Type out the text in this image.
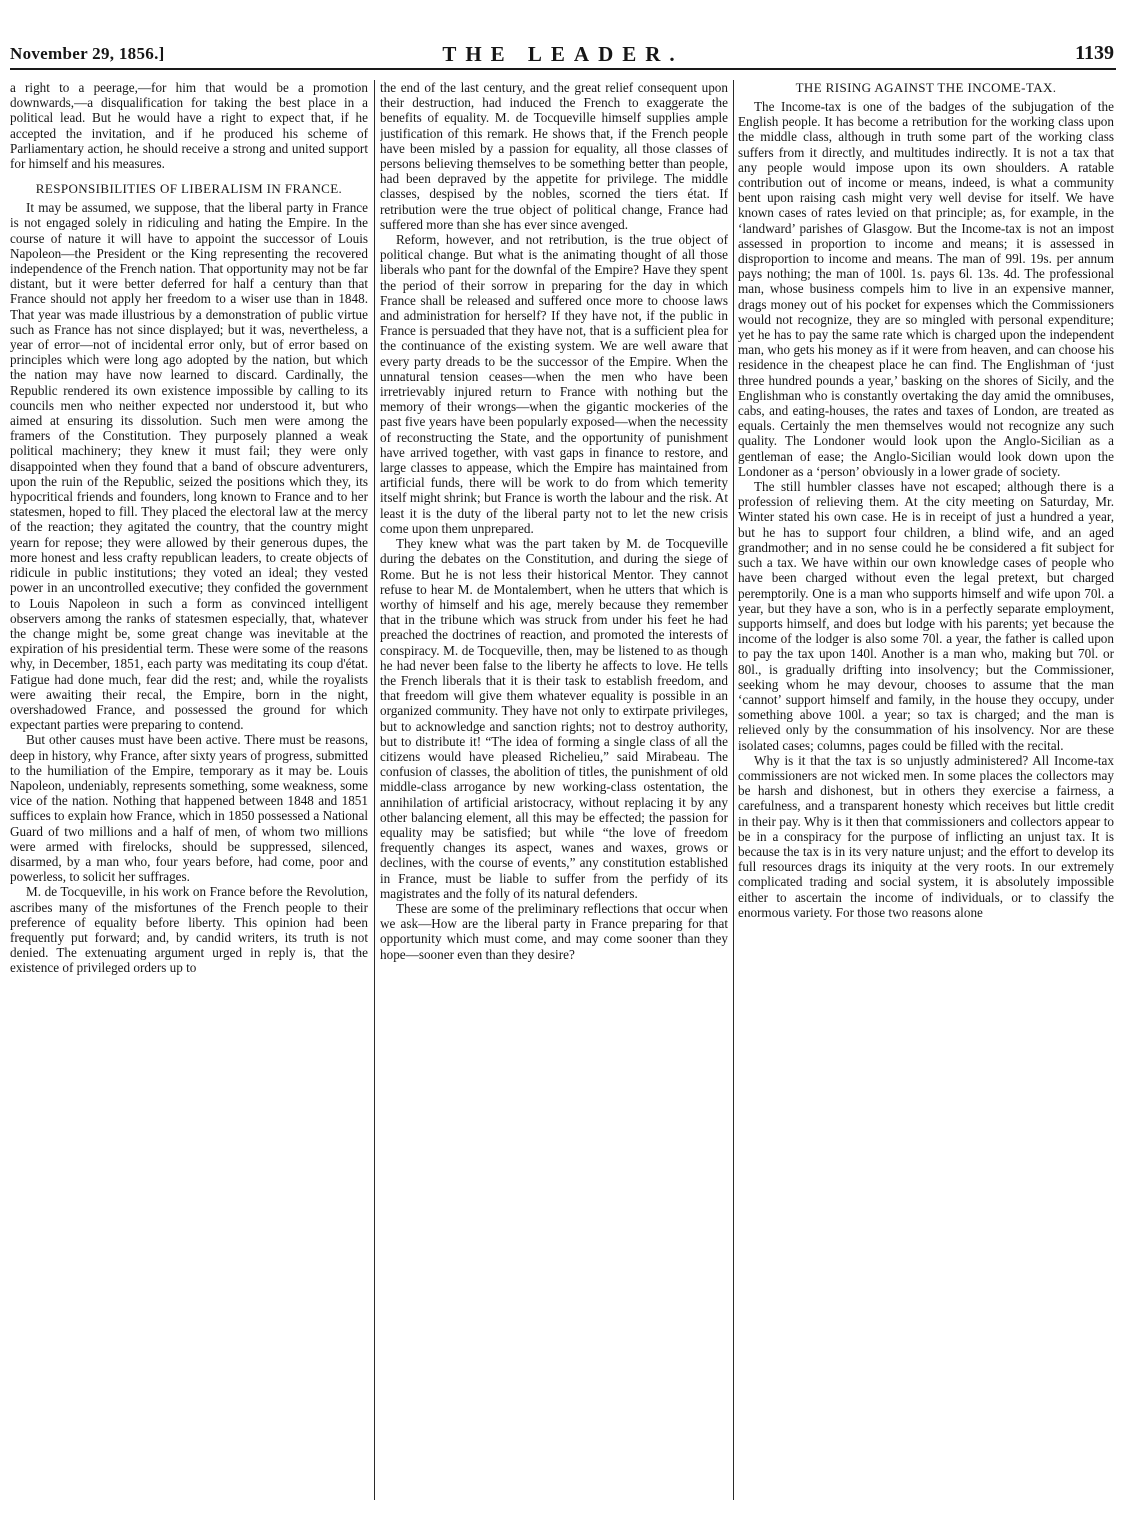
November 29, 1856.]	THE LEADER.	1139

a right to a peerage,—for him that would be a promotion downwards,—a disqualification for taking the best place in a political lead. But he would have a right to expect that, if he accepted the invitation, and if he produced his scheme of Parliamentary action, he should receive a strong and united support for himself and his measures.

RESPONSIBILITIES OF LIBERALISM IN FRANCE.

It may be assumed, we suppose, that the liberal party in France is not engaged solely in ridiculing and hating the Empire. In the course of nature it will have to appoint the successor of Louis Napoleon—the President or the King representing the recovered independence of the French nation. That opportunity may not be far distant, but it were better deferred for half a century than that France should not apply her freedom to a wiser use than in 1848. That year was made illustrious by a demonstration of public virtue such as France has not since displayed; but it was, nevertheless, a year of error—not of incidental error only, but of error based on principles which were long ago adopted by the nation, but which the nation may have now learned to discard. Cardinally, the Republic rendered its own existence impossible by calling to its councils men who neither expected nor understood it, but who aimed at ensuring its dissolution. Such men were among the framers of the Constitution. They purposely planned a weak political machinery; they knew it must fail; they were only disappointed when they found that a band of obscure adventurers, upon the ruin of the Republic, seized the positions which they, its hypocritical friends and founders, long known to France and to her statesmen, hoped to fill. They placed the electoral law at the mercy of the reaction; they agitated the country, that the country might yearn for repose; they were allowed by their generous dupes, the more honest and less crafty republican leaders, to create objects of ridicule in public institutions; they voted an ideal; they vested power in an uncontrolled executive; they confided the government to Louis Napoleon in such a form as convinced intelligent observers among the ranks of statesmen especially, that, whatever the change might be, some great change was inevitable at the expiration of his presidential term. These were some of the reasons why, in December, 1851, each party was meditating its coup d'état. Fatigue had done much, fear did the rest; and, while the royalists were awaiting their recal, the Empire, born in the night, overshadowed France, and possessed the ground for which expectant parties were preparing to contend.

But other causes must have been active. There must be reasons, deep in history, why France, after sixty years of progress, submitted to the humiliation of the Empire, temporary as it may be. Louis Napoleon, undeniably, represents something, some weakness, some vice of the nation. Nothing that happened between 1848 and 1851 suffices to explain how France, which in 1850 possessed a National Guard of two millions and a half of men, of whom two millions were armed with firelocks, should be suppressed, silenced, disarmed, by a man who, four years before, had come, poor and powerless, to solicit her suffrages.

M. de Tocqueville, in his work on France before the Revolution, ascribes many of the misfortunes of the French people to their preference of equality before liberty. This opinion had been frequently put forward; and, by candid writers, its truth is not denied. The extenuating argument urged in reply is, that the existence of privileged orders up to

the end of the last century, and the great relief consequent upon their destruction, had induced the French to exaggerate the benefits of equality. M. de Tocqueville himself supplies ample justification of this remark. He shows that, if the French people have been misled by a passion for equality, all those classes of persons believing themselves to be something better than people, had been depraved by the appetite for privilege. The middle classes, despised by the nobles, scorned the tiers état. If retribution were the true object of political change, France had suffered more than she has ever since avenged.

Reform, however, and not retribution, is the true object of political change. But what is the animating thought of all those liberals who pant for the downfal of the Empire? Have they spent the period of their sorrow in preparing for the day in which France shall be released and suffered once more to choose laws and administration for herself? If they have not, if the public in France is persuaded that they have not, that is a sufficient plea for the continuance of the existing system. We are well aware that every party dreads to be the successor of the Empire. When the unnatural tension ceases—when the men who have been irretrievably injured return to France with nothing but the memory of their wrongs—when the gigantic mockeries of the past five years have been popularly exposed—when the necessity of reconstructing the State, and the opportunity of punishment have arrived together, with vast gaps in finance to restore, and large classes to appease, which the Empire has maintained from artificial funds, there will be work to do from which temerity itself might shrink; but France is worth the labour and the risk. At least it is the duty of the liberal party not to let the new crisis come upon them unprepared.

They knew what was the part taken by M. de Tocqueville during the debates on the Constitution, and during the siege of Rome. But he is not less their historical Mentor. They cannot refuse to hear M. de Montalembert, when he utters that which is worthy of himself and his age, merely because they remember that in the tribune which was struck from under his feet he had preached the doctrines of reaction, and promoted the interests of conspiracy. M. de Tocqueville, then, may be listened to as though he had never been false to the liberty he affects to love. He tells the French liberals that it is their task to establish freedom, and that freedom will give them whatever equality is possible in an organized community. They have not only to extirpate privileges, but to acknowledge and sanction rights; not to destroy authority, but to distribute it! “The idea of forming a single class of all the citizens would have pleased Richelieu,” said Mirabeau. The confusion of classes, the abolition of titles, the punishment of old middle-class arrogance by new working-class ostentation, the annihilation of artificial aristocracy, without replacing it by any other balancing element, all this may be effected; the passion for equality may be satisfied; but while “the love of freedom frequently changes its aspect, wanes and waxes, grows or declines, with the course of events,” any constitution established in France, must be liable to suffer from the perfidy of its magistrates and the folly of its natural defenders.

These are some of the preliminary reflections that occur when we ask—How are the liberal party in France preparing for that opportunity which must come, and may come sooner than they hope—sooner even than they desire?

THE RISING AGAINST THE INCOME-TAX.

The Income-tax is one of the badges of the subjugation of the English people. It has become a retribution for the working class upon the middle class, although in truth some part of the working class suffers from it directly, and multitudes indirectly. It is not a tax that any people would impose upon its own shoulders. A ratable contribution out of income or means, indeed, is what a community bent upon raising cash might very well devise for itself. We have known cases of rates levied on that principle; as, for example, in the ‘landward’ parishes of Glasgow. But the Income-tax is not an impost assessed in proportion to income and means; it is assessed in disproportion to income and means. The man of 99l. 19s. per annum pays nothing; the man of 100l. 1s. pays 6l. 13s. 4d. The professional man, whose business compels him to live in an expensive manner, drags money out of his pocket for expenses which the Commissioners would not recognize, they are so mingled with personal expenditure; yet he has to pay the same rate which is charged upon the independent man, who gets his money as if it were from heaven, and can choose his residence in the cheapest place he can find. The Englishman of ‘just three hundred pounds a year,’ basking on the shores of Sicily, and the Englishman who is constantly overtaking the day amid the omnibuses, cabs, and eating-houses, the rates and taxes of London, are treated as equals. Certainly the men themselves would not recognize any such quality. The Londoner would look upon the Anglo-Sicilian as a gentleman of ease; the Anglo-Sicilian would look down upon the Londoner as a ‘person’ obviously in a lower grade of society.

The still humbler classes have not escaped; although there is a profession of relieving them. At the city meeting on Saturday, Mr. Winter stated his own case. He is in receipt of just a hundred a year, but he has to support four children, a blind wife, and an aged grandmother; and in no sense could he be considered a fit subject for such a tax. We have within our own knowledge cases of people who have been charged without even the legal pretext, but charged peremptorily. One is a man who supports himself and wife upon 70l. a year, but they have a son, who is in a perfectly separate employment, supports himself, and does but lodge with his parents; yet because the income of the lodger is also some 70l. a year, the father is called upon to pay the tax upon 140l. Another is a man who, making but 70l. or 80l., is gradually drifting into insolvency; but the Commissioner, seeking whom he may devour, chooses to assume that the man ‘cannot’ support himself and family, in the house they occupy, under something above 100l. a year; so tax is charged; and the man is relieved only by the consummation of his insolvency. Nor are these isolated cases; columns, pages could be filled with the recital.

Why is it that the tax is so unjustly administered? All Income-tax commissioners are not wicked men. In some places the collectors may be harsh and dishonest, but in others they exercise a fairness, a carefulness, and a transparent honesty which receives but little credit in their pay. Why is it then that commissioners and collectors appear to be in a conspiracy for the purpose of inflicting an unjust tax. It is because the tax is in its very nature unjust; and the effort to develop its full resources drags its iniquity at the very roots. In our extremely complicated trading and social system, it is absolutely impossible either to ascertain the income of individuals, or to classify the enormous variety. For those two reasons alone
